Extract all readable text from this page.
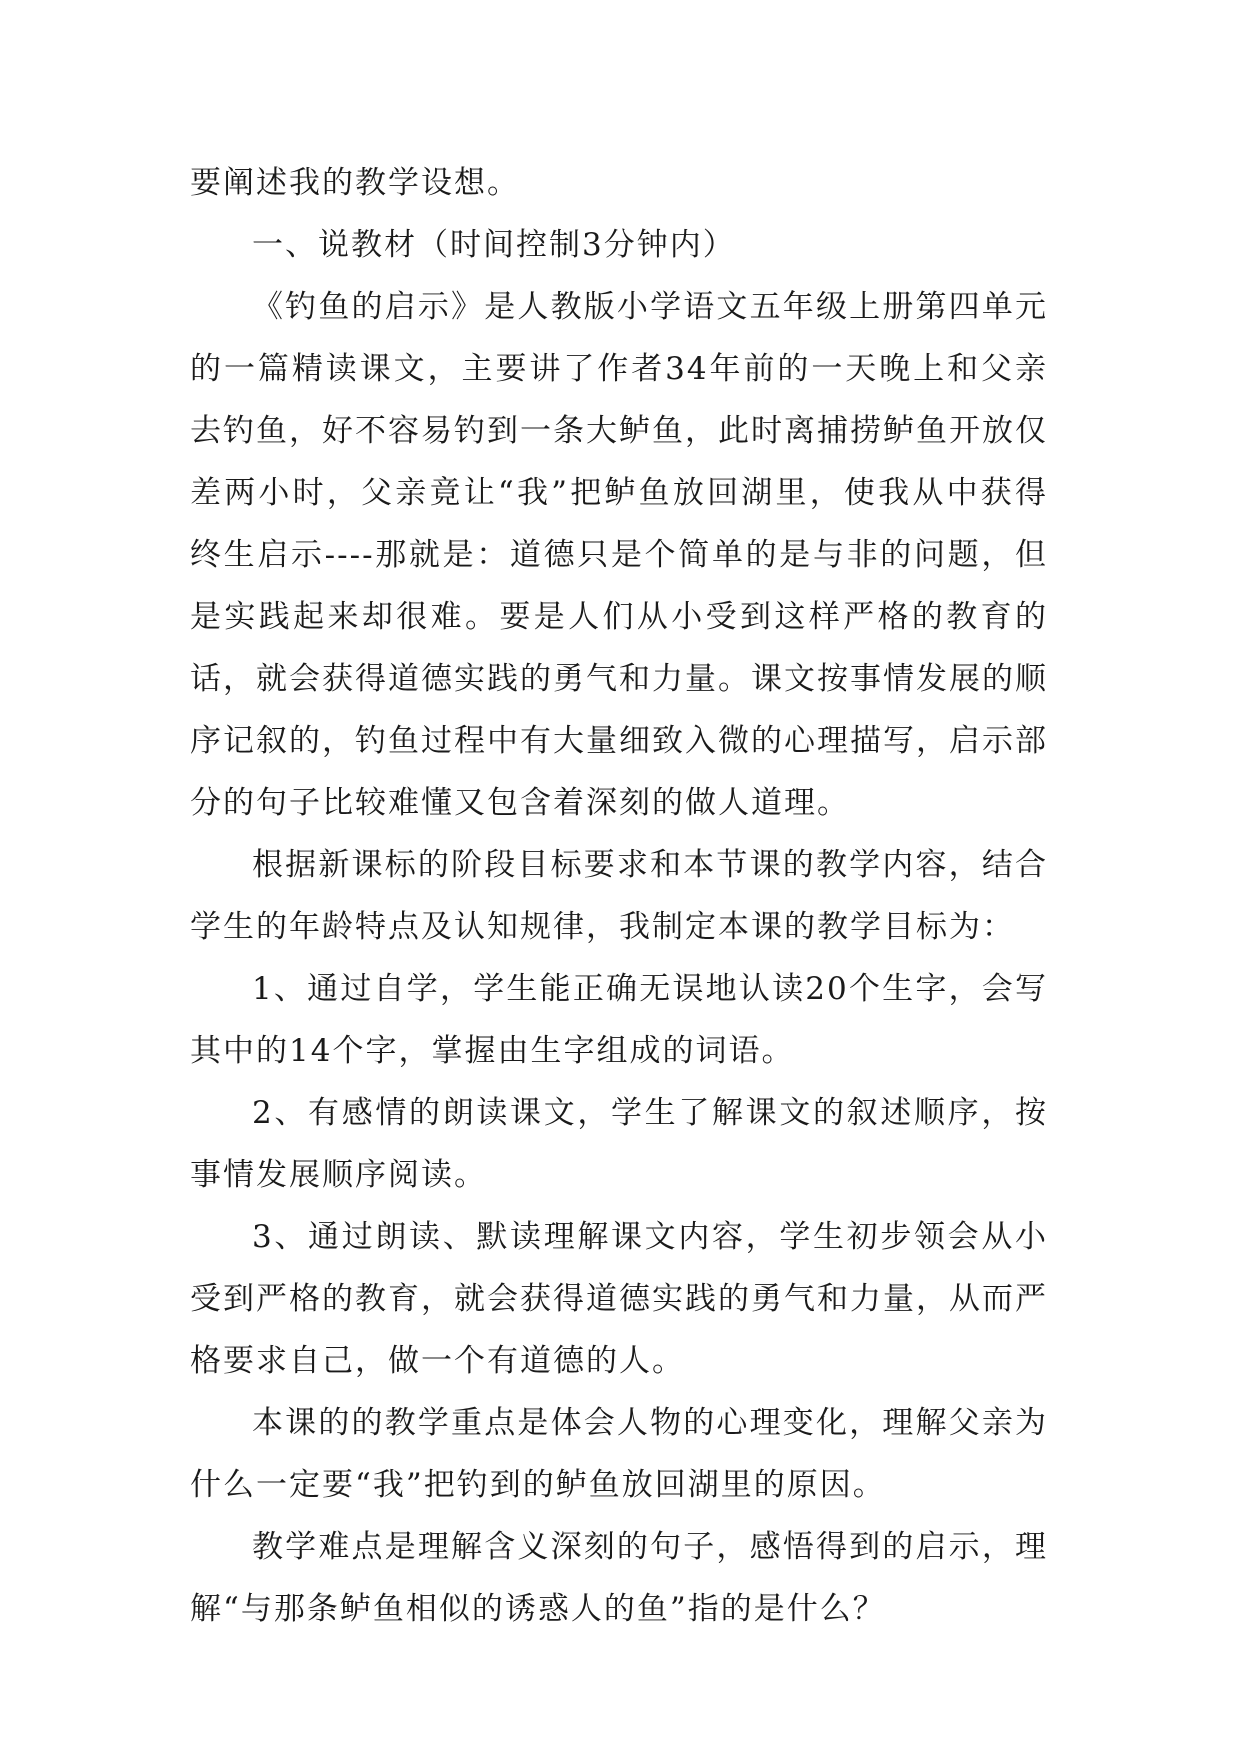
要阐述我的教学设想。

一、说教材（时间控制3分钟内）

《钓鱼的启示》是人教版小学语文五年级上册第四单元的一篇精读课文，主要讲了作者34年前的一天晚上和父亲去钓鱼，好不容易钓到一条大鲈鱼，此时离捕捞鲈鱼开放仅差两小时，父亲竟让“我”把鲈鱼放回湖里，使我从中获得终生启示----那就是：道德只是个简单的是与非的问题，但是实践起来却很难。要是人们从小受到这样严格的教育的话，就会获得道德实践的勇气和力量。课文按事情发展的顺序记叙的，钓鱼过程中有大量细致入微的心理描写，启示部分的句子比较难懂又包含着深刻的做人道理。

根据新课标的阶段目标要求和本节课的教学内容，结合学生的年龄特点及认知规律，我制定本课的教学目标为：

1、通过自学，学生能正确无误地认读20个生字，会写其中的14个字，掌握由生字组成的词语。

2、有感情的朗读课文，学生了解课文的叙述顺序，按事情发展顺序阅读。

3、通过朗读、默读理解课文内容，学生初步领会从小受到严格的教育，就会获得道德实践的勇气和力量，从而严格要求自己，做一个有道德的人。

本课的的教学重点是体会人物的心理变化，理解父亲为什么一定要“我”把钓到的鲈鱼放回湖里的原因。

教学难点是理解含义深刻的句子，感悟得到的启示，理解“与那条鲈鱼相似的诱惑人的鱼”指的是什么？
